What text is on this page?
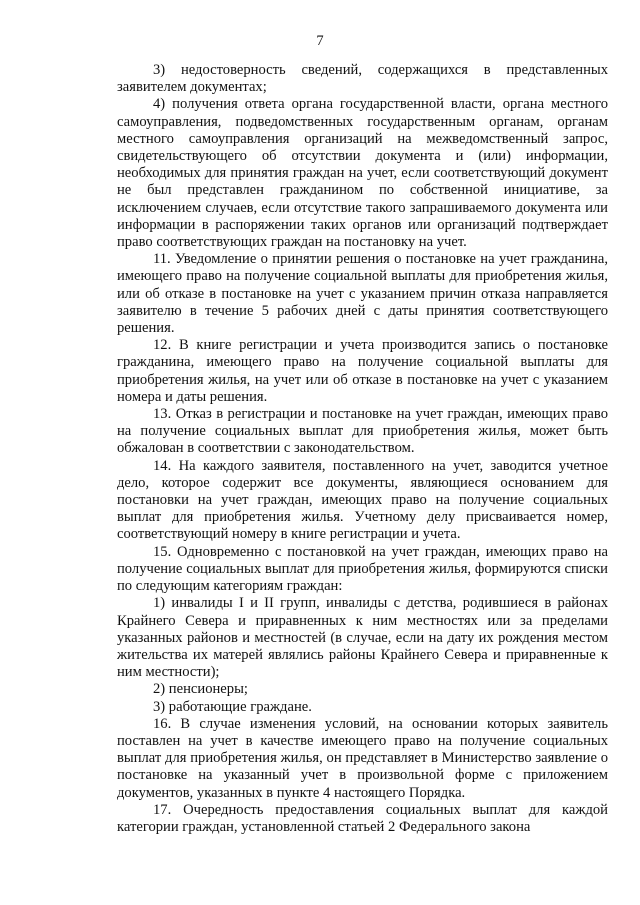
7

3) недостоверность сведений, содержащихся в представленных заявителем документах;

4) получения ответа органа государственной власти, органа местного самоуправления, подведомственных государственным органам, органам местного самоуправления организаций на межведомственный запрос, свидетельствующего об отсутствии документа и (или) информации, необходимых для принятия граждан на учет, если соответствующий документ не был представлен гражданином по собственной инициативе, за исключением случаев, если отсутствие такого запрашиваемого документа или информации в распоряжении таких органов или организаций подтверждает право соответствующих граждан на постановку на учет.

11. Уведомление о принятии решения о постановке на учет гражданина, имеющего право на получение социальной выплаты для приобретения жилья, или об отказе в постановке на учет с указанием причин отказа направляется заявителю в течение 5 рабочих дней с даты принятия соответствующего решения.

12. В книге регистрации и учета производится запись о постановке гражданина, имеющего право на получение социальной выплаты для приобретения жилья, на учет или об отказе в постановке на учет с указанием номера и даты решения.

13. Отказ в регистрации и постановке на учет граждан, имеющих право на получение социальных выплат для приобретения жилья, может быть обжалован в соответствии с законодательством.

14. На каждого заявителя, поставленного на учет, заводится учетное дело, которое содержит все документы, являющиеся основанием для постановки на учет граждан, имеющих право на получение социальных выплат для приобретения жилья. Учетному делу присваивается номер, соответствующий номеру в книге регистрации и учета.

15. Одновременно с постановкой на учет граждан, имеющих право на получение социальных выплат для приобретения жилья, формируются списки по следующим категориям граждан:

1) инвалиды I и II групп, инвалиды с детства, родившиеся в районах Крайнего Севера и приравненных к ним местностях или за пределами указанных районов и местностей (в случае, если на дату их рождения местом жительства их матерей являлись районы Крайнего Севера и приравненные к ним местности);

2) пенсионеры;

3) работающие граждане.

16. В случае изменения условий, на основании которых заявитель поставлен на учет в качестве имеющего право на получение социальных выплат для приобретения жилья, он представляет в Министерство заявление о постановке на указанный учет в произвольной форме с приложением документов, указанных в пункте 4 настоящего Порядка.

17. Очередность предоставления социальных выплат для каждой категории граждан, установленной статьей 2 Федерального закона
